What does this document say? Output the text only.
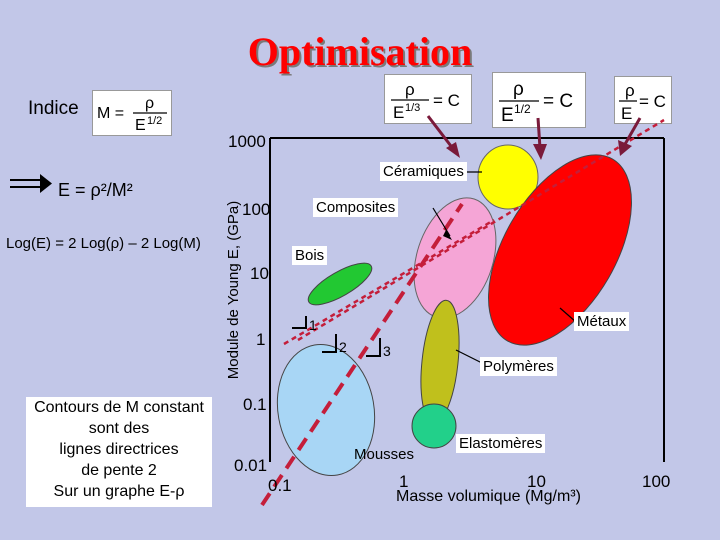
Optimisation
Indice M =
ρ
E 1/2
ρ
E 1/3 = C
ρ
E 1/2 = C
ρ
E
= C
E = ρ²/M²
Log(E) = 2 Log(ρ) – 2 Log(M)
Contours de M constant
sont des
lignes directrices
de pente 2
Sur un graphe E-ρ
Module de Young E, (GPa)	1
2	3
1000
100
10
1
0.1
0.01
0.1	1	10	100
Masse volumique (Mg/m³)
Céramiques
Composites
Bois
Métaux
Polymères
Mousses
Elastomères
